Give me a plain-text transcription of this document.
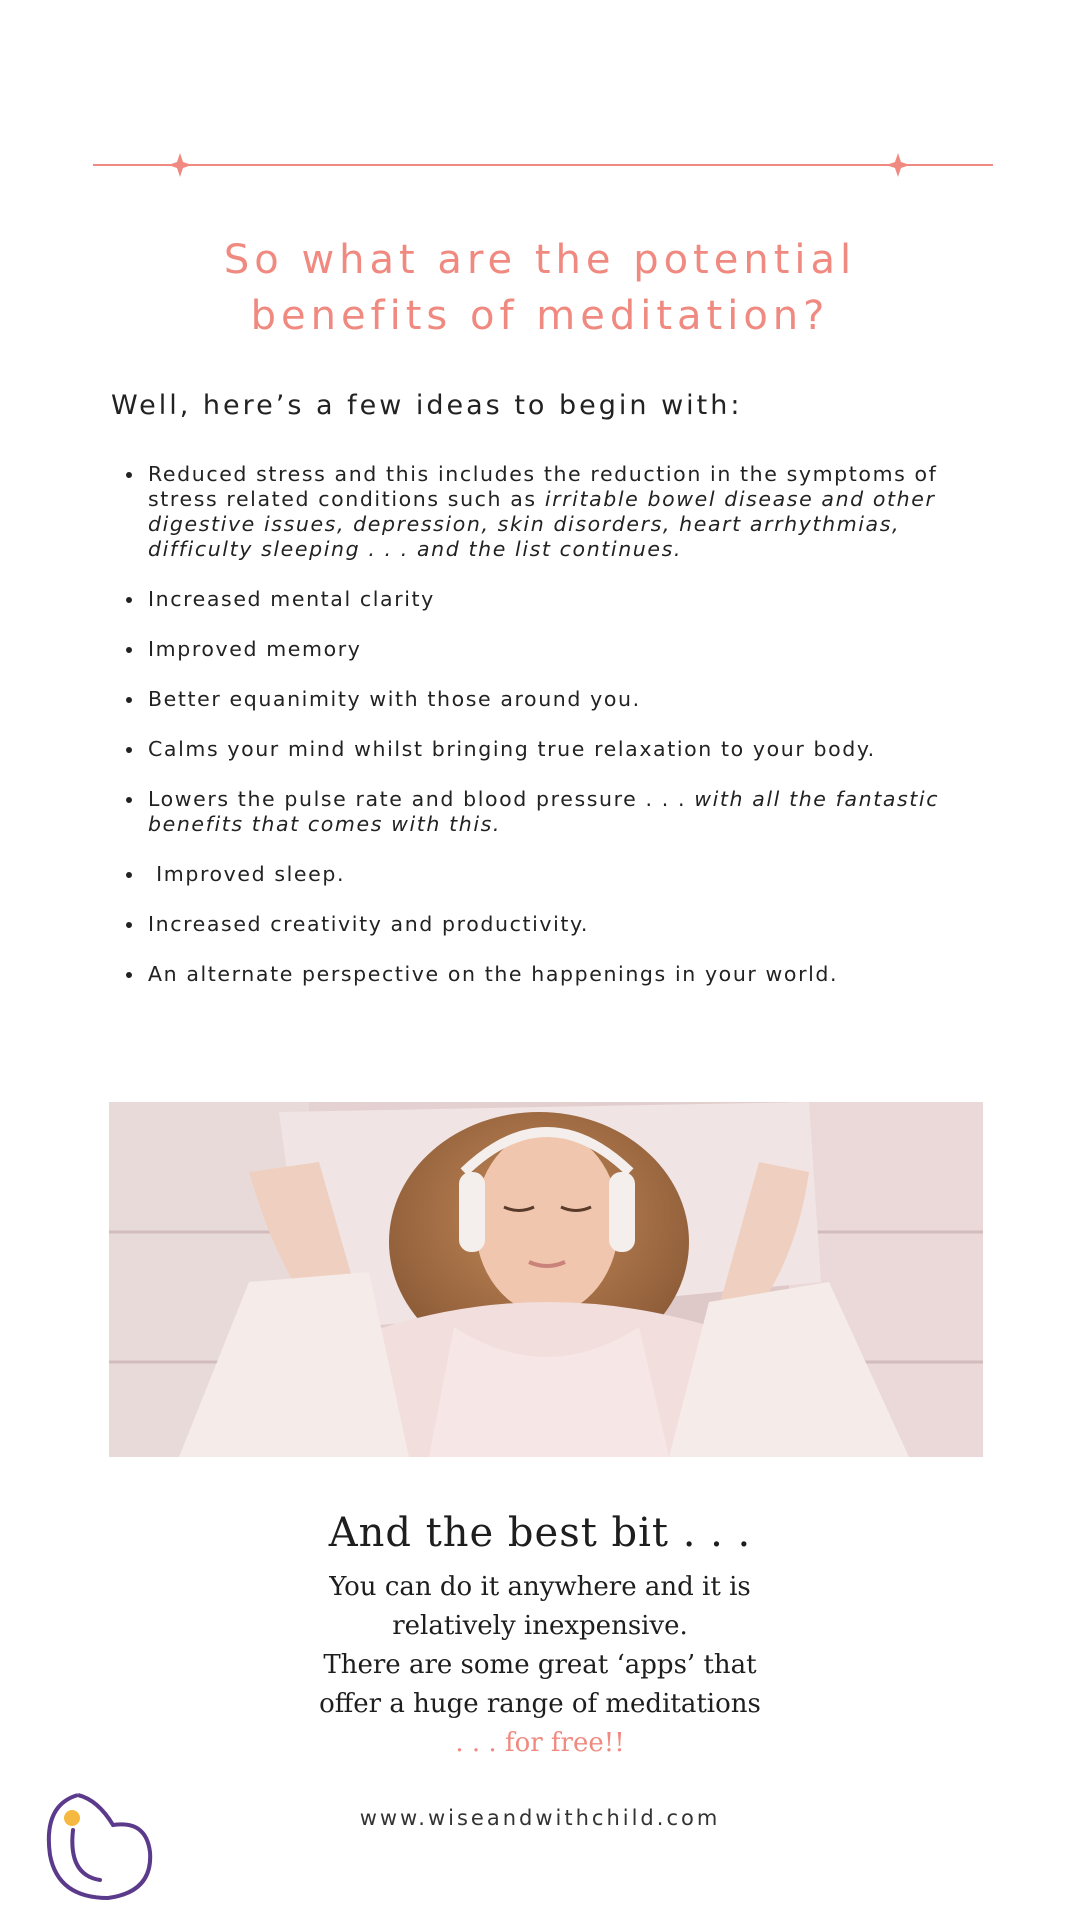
So what are the potential benefits of meditation?
Well, here’s a few ideas to begin with:
Reduced stress and this includes the reduction in the symptoms of stress related conditions such as irritable bowel disease and other digestive issues, depression, skin disorders, heart arrhythmias, difficulty sleeping . . . and the list continues.
Increased mental clarity
Improved memory
Better equanimity with those around you.
Calms your mind whilst bringing true relaxation to your body.
Lowers the pulse rate and blood pressure . . . with all the fantastic benefits that comes with this.
Improved sleep.
Increased creativity and productivity.
An alternate perspective on the happenings in your world.
And the best bit . . .
You can do it anywhere and it is
relatively inexpensive.
There are some great ‘apps’ that
offer a huge range of meditations
. . . for free!!
www.wiseandwithchild.com
